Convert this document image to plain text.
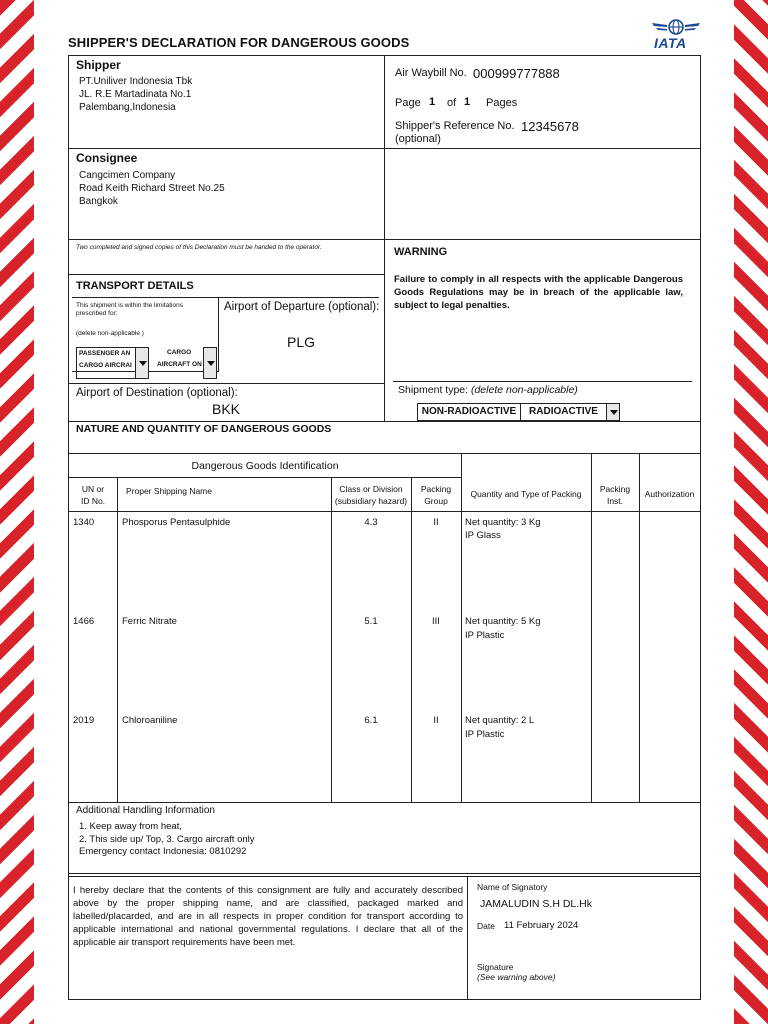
SHIPPER'S DECLARATION FOR DANGEROUS GOODS	IATA
Shipper
PT.Uniliver Indonesia Tbk
JL. R.E Martadinata No.1
Palembang,Indonesia
Air Waybill No. 000999777888
Page 1 of 1 Pages
Shipper's Reference No. 12345678
(optional)
Consignee
Cangcimen Company
Road Keith Richard Street No.25
Bangkok
Two completed and signed copies of this Declaration must be handed to the operator.	WARNING
Failure to comply in all respects with the applicable Dangerous Goods Regulations may be in breach of the applicable law, subject to legal penalties.
Shipment type: (delete non-applicable)
NON-RADIOACTIVE	RADIOACTIVE
TRANSPORT DETAILS
This shipment is within the limitations prescribed for:
(delete non-applicable )
PASSENGER AN
CARGO AIRCRAI
CARGO
AIRCRAFT ON
Airport of Departure (optional):
PLG
Airport of Destination (optional):
BKK
NATURE AND QUANTITY OF DANGEROUS GOODS
Dangerous Goods Identification
UN or
ID No.
Proper Shipping Name	Class or Division
(subsidiary hazard)
Packing
Group
Quantity and Type of Packing	Packing
Inst.
Authorization
1340	Phosporus Pentasulphide	4.3	II	Net quantity: 3 Kg
IP Glass
1466	Ferric Nitrate	5.1	III	Net quantity: 5 Kg
IP Plastic
2019	Chloroaniline	6.1	II	Net quantity: 2 L
IP Plastic
Additional Handling Information
1. Keep away from heat,
2. This side up/ Top, 3. Cargo aircraft only
Emergency contact Indonesia: 0810292
I hereby declare that the contents of this consignment are fully and accurately described above by the proper shipping name, and are classified, packaged marked and labelled/placarded, and are in all respects in proper condition for transport according to applicable international and national governmental regulations. I declare that all of the applicable air transport requirements have been met.
Name of Signatory
JAMALUDIN S.H DL.Hk
Date 11 February 2024
Signature
(See warning above)
